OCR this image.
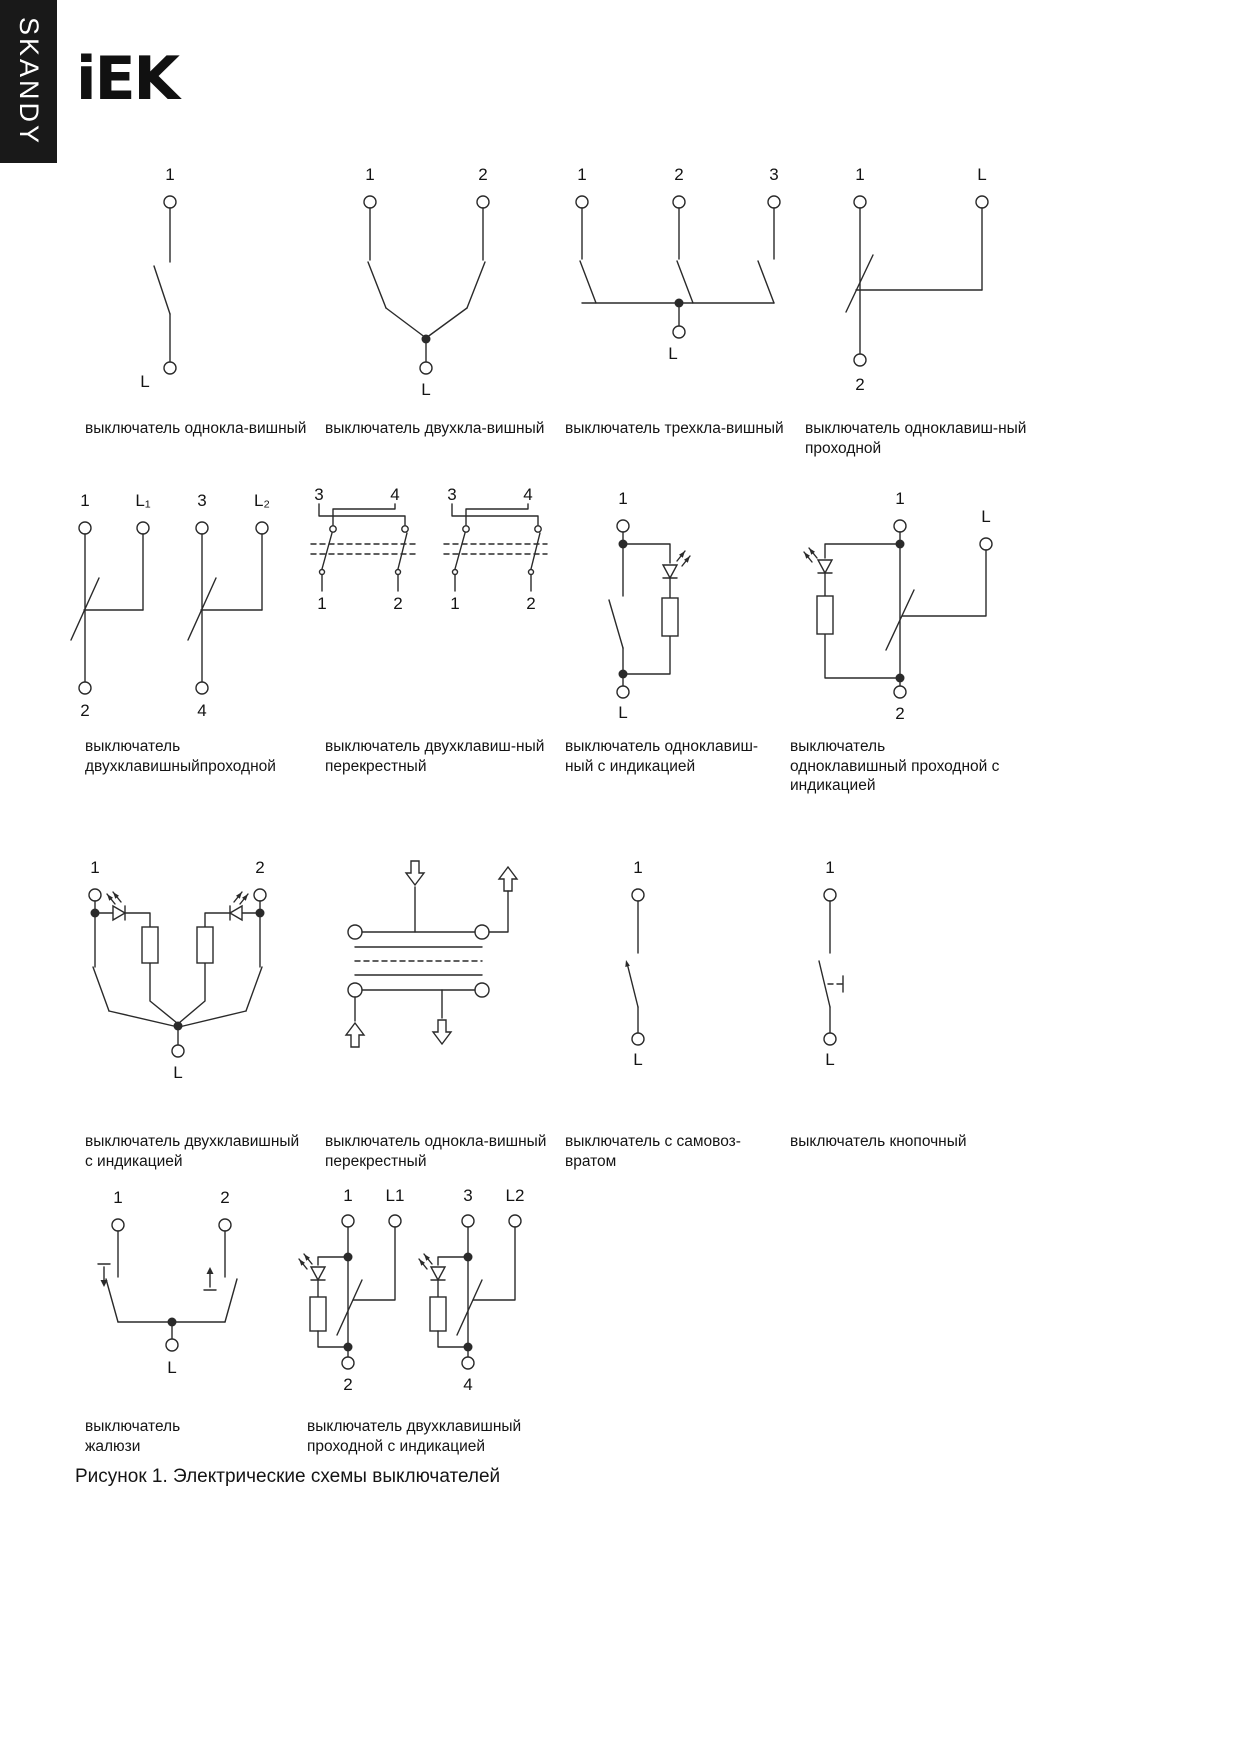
SKANDY iEK
1
L
1	2
L
1	2	3
L
1	L
2
1	L₁	3	L₂
2	4
3	4
1	2
3	4
1	2
1
L
1
L
2
1	2
L
1
L
1
L
1	2
L
1 L1
2
3 L2
4
выключатель однокла-вишный	выключатель двухкла-вишный	выключатель трехкла-вишный	выключатель одноклавиш-ный проходной
выключатель двухклавишныйпроходной
выключатель двухклавиш-ный перекрестный
выключатель одноклавиш-ный с индикацией
выключатель одноклавишный проходной с индикацией
выключатель двухклавишный с индикацией
выключатель однокла-вишный перекрестный
выключатель с самовоз-вратом
выключатель кнопочный
выключатель жалюзи
выключатель двухклавишный проходной с индикацией
Рисунок 1. Электрические схемы выключателей
